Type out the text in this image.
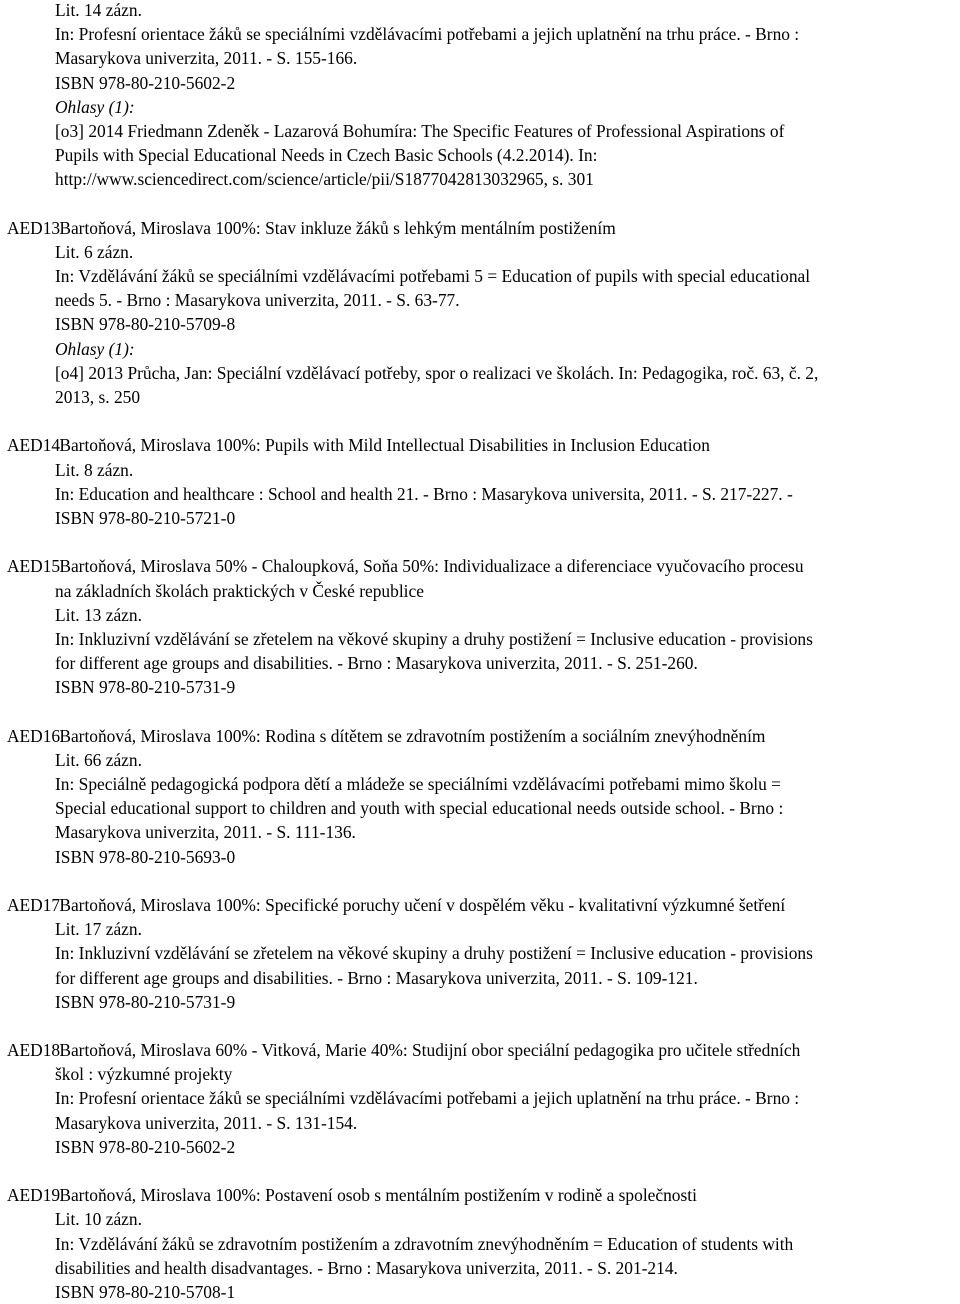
Lit. 14 zázn.
In: Profesní orientace žáků se speciálními vzdělávacími potřebami a jejich uplatnění na trhu práce. - Brno :
Masarykova univerzita, 2011. - S. 155-166.
ISBN 978-80-210-5602-2
Ohlasy (1):
[o3] 2014 Friedmann Zdeněk - Lazarová Bohumíra: The Specific Features of Professional Aspirations of
Pupils with Special Educational Needs in Czech Basic Schools (4.2.2014). In:
http://www.sciencedirect.com/science/article/pii/S187704281303​2965, s. 301
AED13 Bartoňová, Miroslava 100%: Stav inkluze žáků s lehkým mentálním postižením
Lit. 6 zázn.
In: Vzdělávání žáků se speciálními vzdělávacími potřebami 5 = Education of pupils with special educational
needs 5. - Brno : Masarykova univerzita, 2011. - S. 63-77.
ISBN 978-80-210-5709-8
Ohlasy (1):
[o4] 2013 Průcha, Jan: Speciální vzdělávací potřeby, spor o realizaci ve školách. In: Pedagogika, roč. 63, č. 2,
2013, s. 250
AED14 Bartoňová, Miroslava 100%: Pupils with Mild Intellectual Disabilities in Inclusion Education
Lit. 8 zázn.
In: Education and healthcare : School and health 21. - Brno : Masarykova universita, 2011. - S. 217-227. -
ISBN 978-80-210-5721-0
AED15 Bartoňová, Miroslava 50% - Chaloupková, Soňa 50%: Individualizace a diferenciace vyučovacího procesu
na základních školách praktických v České republice
Lit. 13 zázn.
In: Inkluzivní vzdělávání se zřetelem na věkové skupiny a druhy postižení = Inclusive education - provisions
for different age groups and disabilities. - Brno : Masarykova univerzita, 2011. - S. 251-260.
ISBN 978-80-210-5731-9
AED16 Bartoňová, Miroslava 100%: Rodina s dítětem se zdravotním postižením a sociálním znevýhodněním
Lit. 66 zázn.
In: Speciálně pedagogická podpora dětí a mládeže se speciálními vzdělávacími potřebami mimo školu =
Special educational support to children and youth with special educational needs outside school. - Brno :
Masarykova univerzita, 2011. - S. 111-136.
ISBN 978-80-210-5693-0
AED17 Bartoňová, Miroslava 100%: Specifické poruchy učení v dospělém věku - kvalitativní výzkumné šetření
Lit. 17 zázn.
In: Inkluzivní vzdělávání se zřetelem na věkové skupiny a druhy postižení = Inclusive education - provisions
for different age groups and disabilities. - Brno : Masarykova univerzita, 2011. - S. 109-121.
ISBN 978-80-210-5731-9
AED18 Bartoňová, Miroslava 60% - Vitková, Marie 40%: Studijní obor speciální pedagogika pro učitele středních
škol : výzkumné projekty
In: Profesní orientace žáků se speciálními vzdělávacími potřebami a jejich uplatnění na trhu práce. - Brno :
Masarykova univerzita, 2011. - S. 131-154.
ISBN 978-80-210-5602-2
AED19 Bartoňová, Miroslava 100%: Postavení osob s mentálním postižením v rodině a společnosti
Lit. 10 zázn.
In: Vzdělávání žáků se zdravotním postižením a zdravotním znevýhodněním = Education of students with
disabilities and health disadvantages. - Brno : Masarykova univerzita, 2011. - S. 201-214.
ISBN 978-80-210-5708-1
